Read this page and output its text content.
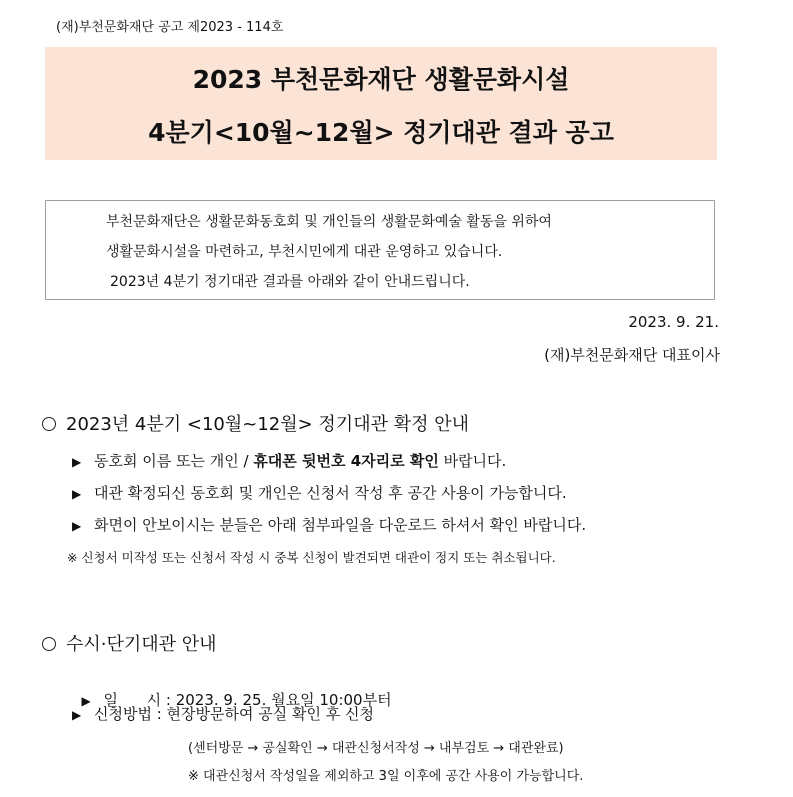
(재)부천문화재단 공고 제2023 - 114호
2023 부천문화재단 생활문화시설
4분기<10월~12월> 정기대관 결과 공고
부천문화재단은 생활문화동호회 및 개인들의 생활문화예술 활동을 위하여
생활문화시설을 마련하고, 부천시민에게 대관 운영하고 있습니다.
2023년 4분기 정기대관 결과를 아래와 같이 안내드립니다.
2023. 9. 21.
(재)부천문화재단 대표이사
2023년 4분기 <10월~12월> 정기대관 확정 안내
▶ 동호회 이름 또는 개인 / 휴대폰 뒷번호 4자리로 확인 바랍니다.
▶ 대관 확정되신 동호회 및 개인은 신청서 작성 후 공간 사용이 가능합니다.
▶ 화면이 안보이시는 분들은 아래 첨부파일을 다운로드 하셔서 확인 바랍니다.
※ 신청서 미작성 또는 신청서 작성 시 중복 신청이 발견되면 대관이 정지 또는 취소됩니다.
수시·단기대관 안내

▶ 일      시 : 2023. 9. 25. 월요일 10:00부터

▶ 신청방법 : 현장방문하여 공실 확인 후 신청
(센터방문 → 공실확인 → 대관신청서작성 → 내부검토 → 대관완료)
※ 대관신청서 작성일을 제외하고 3일 이후에 공간 사용이 가능합니다.
